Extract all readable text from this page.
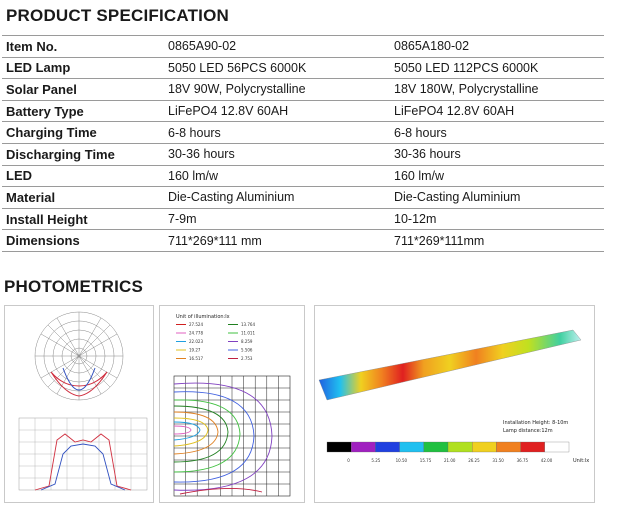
PRODUCT SPECIFICATION
Item No.	0865A90-02	0865A180-02
LED Lamp	5050 LED 56PCS 6000K	5050 LED 112PCS 6000K
Solar Panel	18V 90W, Polycrystalline	18V 180W, Polycrystalline
Battery Type	LiFePO4 12.8V 60AH	LiFePO4 12.8V 60AH
Charging Time	6-8 hours	6-8 hours
Discharging Time	30-36 hours	30-36 hours
LED	160 lm/w	160 lm/w
Material	Die-Casting Aluminium	Die-Casting Aluminium
Install Height	7-9m	10-12m
Dimensions	711*269*111 mm	711*269*111mm
PHOTOMETRICS
Unit of illumination:lx
27.524
24.778
22.023
19.27
16.517
13.764
11.011
8.259
5.506
2.753
Installation Height: 8-10m
Lamp distance:12m
0	5.25	10.50	15.75	21.00	26.25	31.50	36.75	42.00	Unit:lx
